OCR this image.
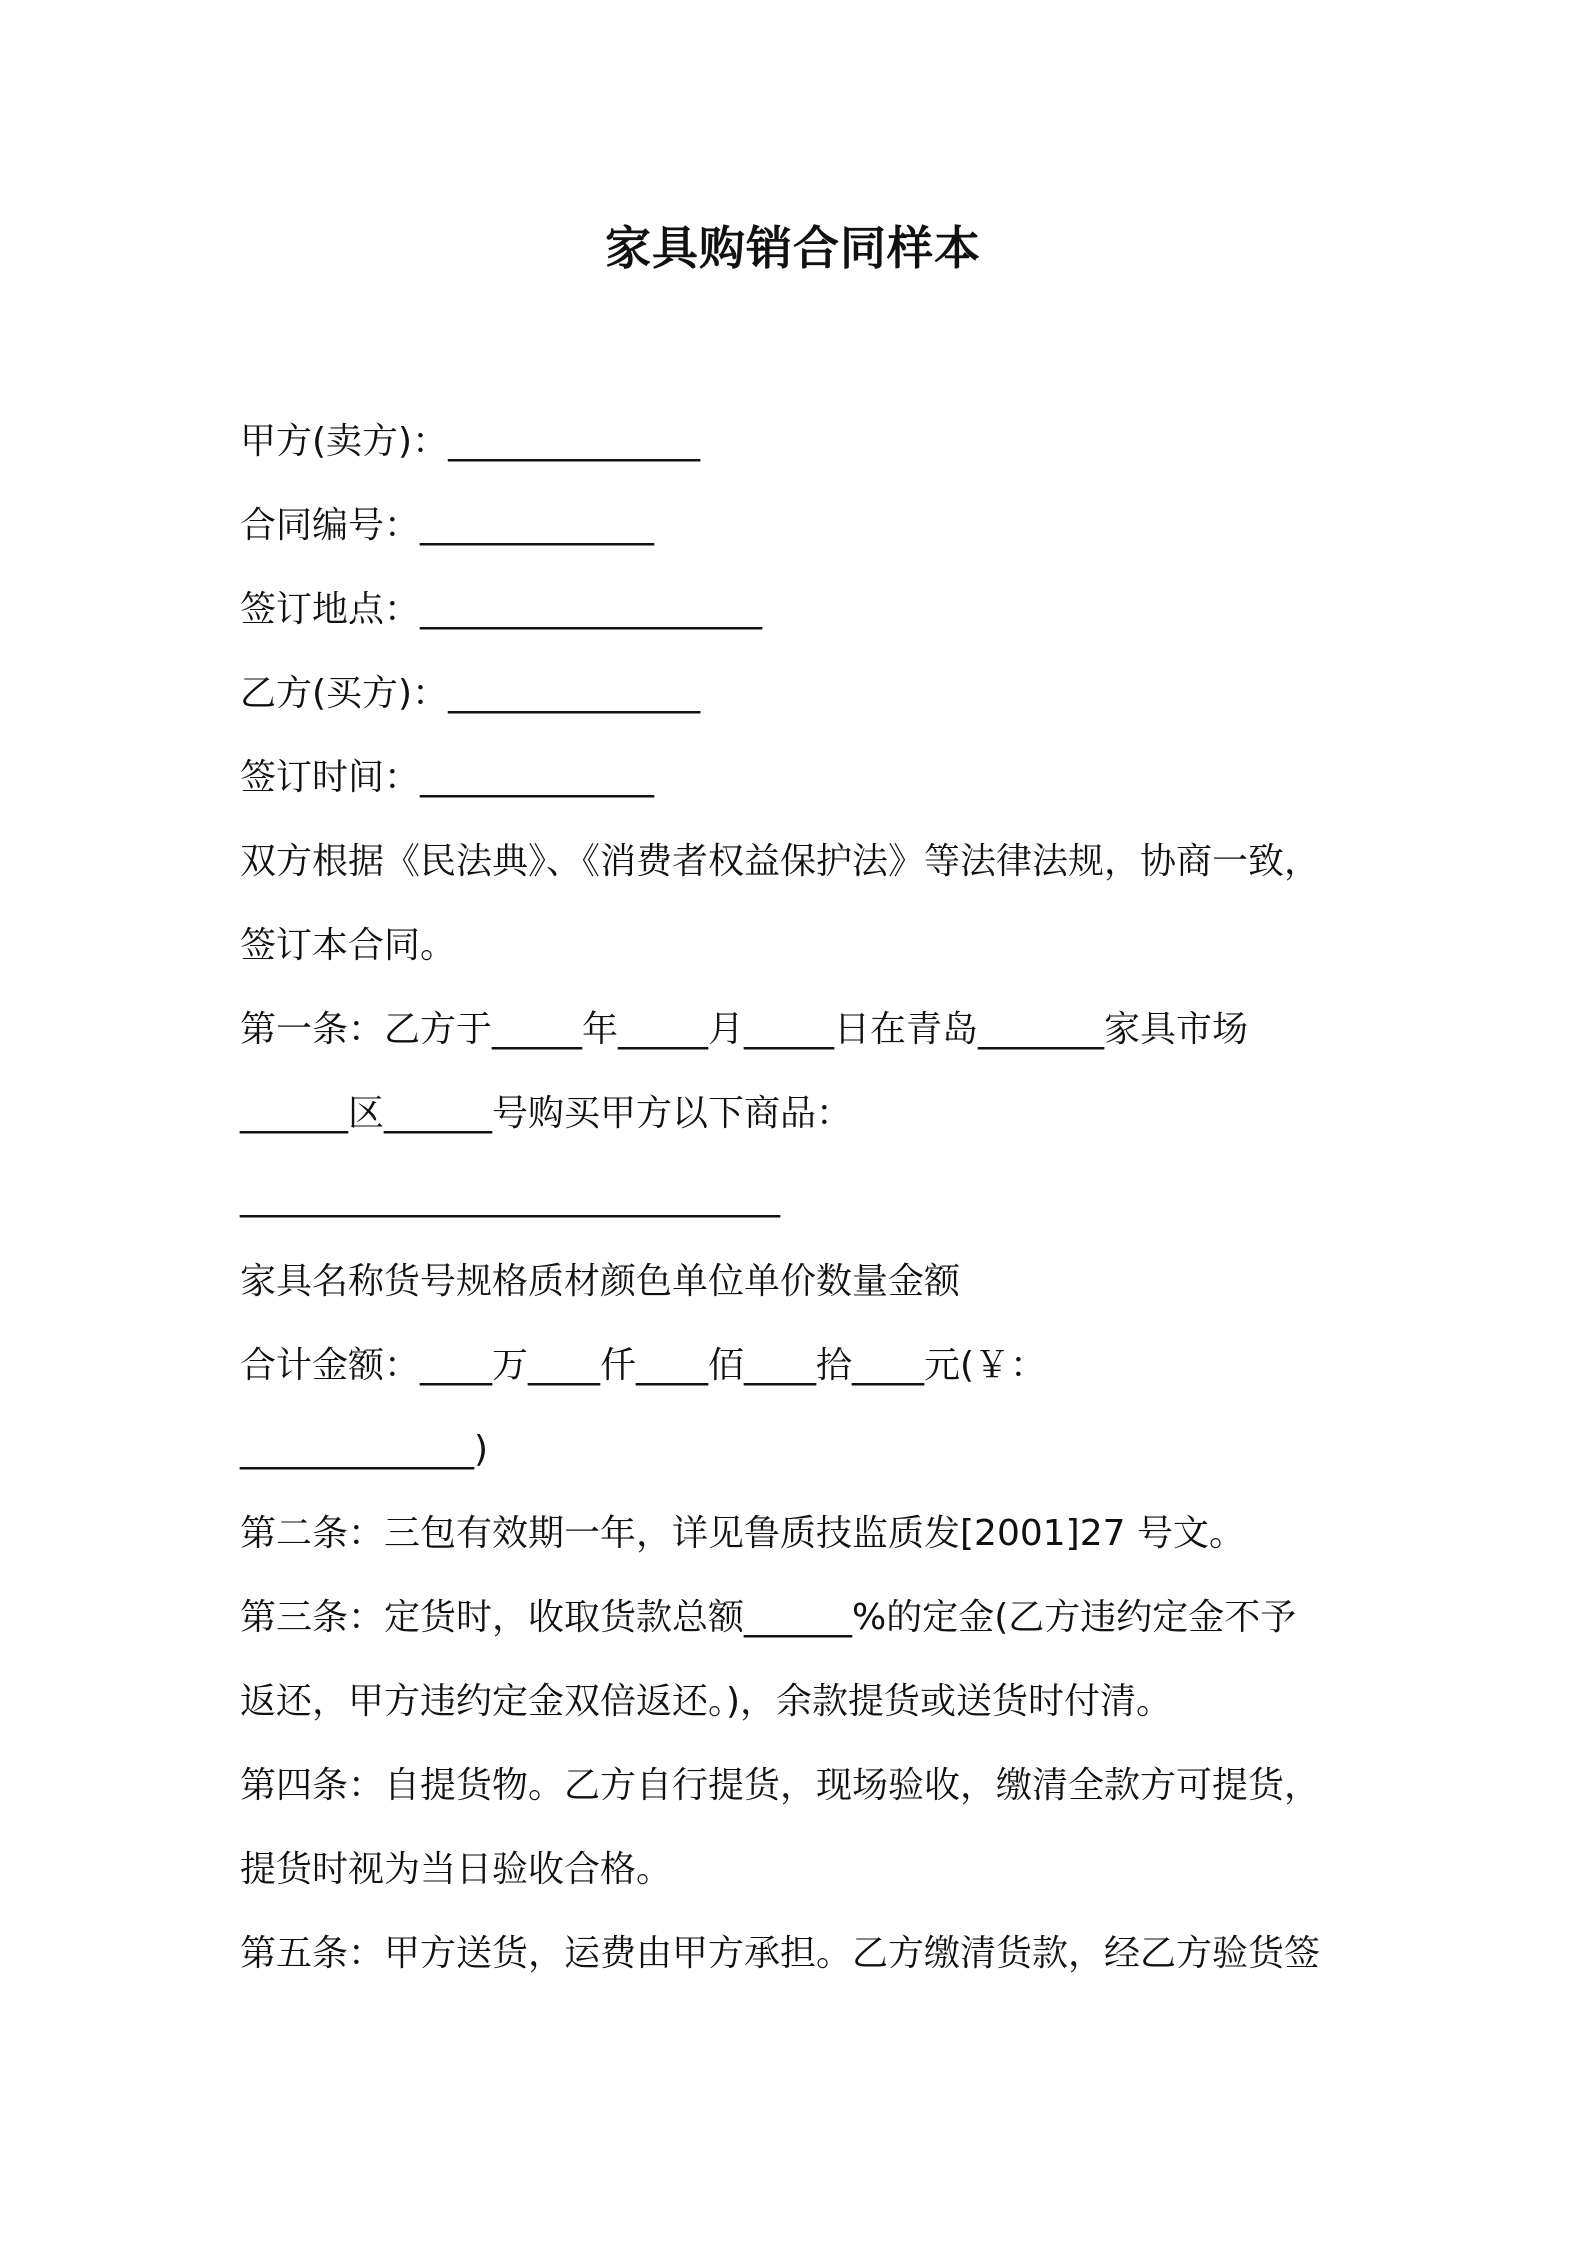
家具购销合同样本
甲方(卖方)：______________
合同编号：_____________
签订地点：___________________
乙方(买方)：______________
签订时间：_____________
双方根据《民法典》、《消费者权益保护法》等法律法规，协商一致，
签订本合同。
第一条：乙方于_____年_____月_____日在青岛_______家具市场
______区______号购买甲方以下商品：
______________________________
家具名称货号规格质材颜色单位单价数量金额
合计金额：____万____仟____佰____拾____元(￥：
_____________)
第二条：三包有效期一年，详见鲁质技监质发[2001]27 号文。
第三条：定货时，收取货款总额______%的定金(乙方违约定金不予
返还，甲方违约定金双倍返还。)，余款提货或送货时付清。
第四条：自提货物。乙方自行提货，现场验收，缴清全款方可提货，
提货时视为当日验收合格。
第五条：甲方送货，运费由甲方承担。乙方缴清货款，经乙方验货签
